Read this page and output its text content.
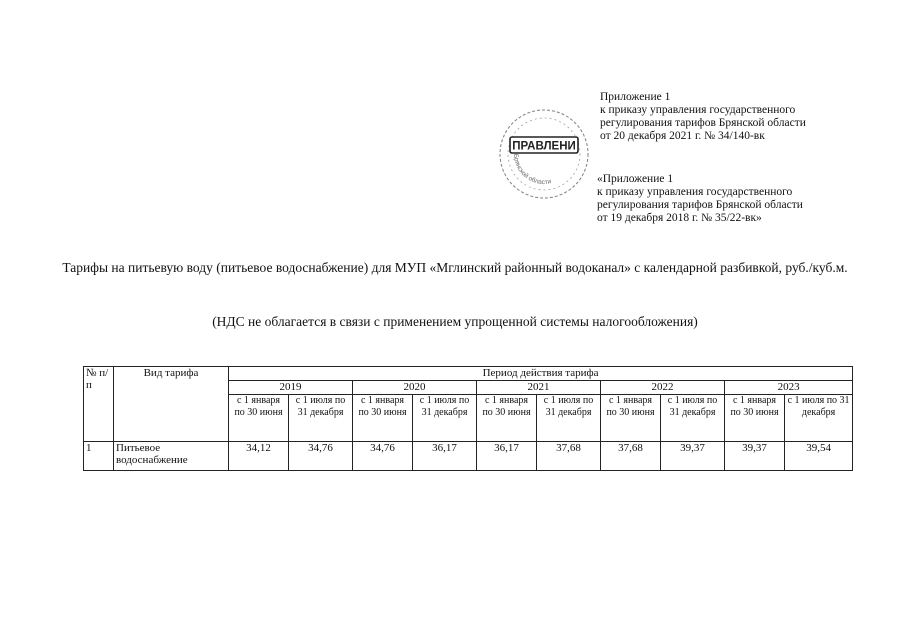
Приложение 1
к приказу управления государственного
регулирования тарифов Брянской области
от 20 декабря 2021 г. № 34/140-вк
ПРАВЛЕНИ
Брянской области	«Приложение 1
к приказу управления государственного
регулирования тарифов Брянской области
от 19 декабря 2018 г. № 35/22-вк»
Тарифы на питьевую воду (питьевое водоснабжение) для МУП «Мглинский районный водоканал» с календарной разбивкой, руб./куб.м.
(НДС не облагается в связи с применением упрощенной системы налогообложения)
№ п/п	Вид тарифа	Период действия тарифа									
		2019		2020		2021		2022		2023	
		с 1 января по 30 июня	с 1 июля по 31 декабря	с 1 января по 30 июня	с 1 июля по 31 декабря	с 1 января по 30 июня	с 1 июля по 31 декабря	с 1 января по 30 июня	с 1 июля по 31 декабря	с 1 января по 30 июня	с 1 июля по 31 декабря
1	Питьевое водоснабжение	34,12	34,76	34,76	36,17	36,17	37,68	37,68	39,37	39,37	39,54
